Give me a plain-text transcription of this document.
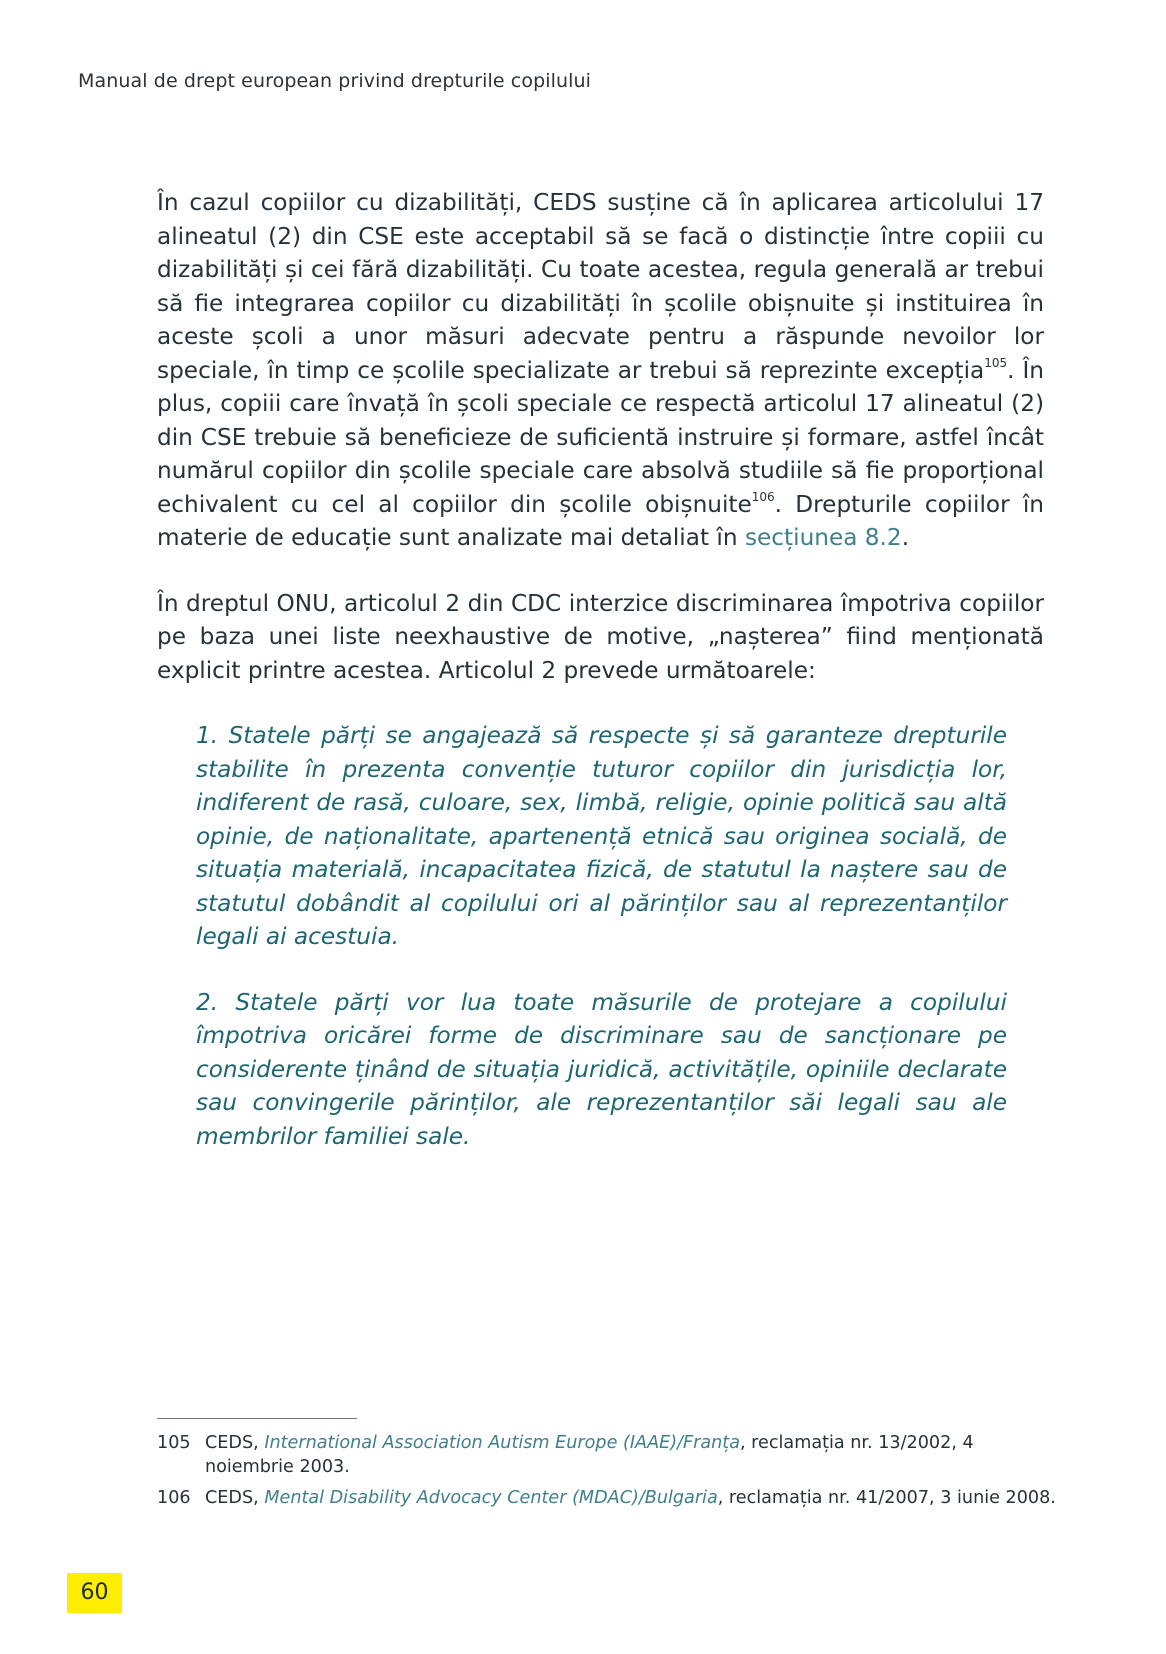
Manual de drept european privind drepturile copilului

În cazul copiilor cu dizabilități, CEDS susține că în aplicarea articolului 17 alineatul (2) din CSE este acceptabil să se facă o distincție între copiii cu dizabilități și cei fără dizabilități. Cu toate acestea, regula generală ar trebui să fie integrarea copiilor cu dizabilități în școlile obișnuite și instituirea în aceste școli a unor măsuri adecvate pentru a răspunde nevoilor lor speciale, în timp ce școlile specializate ar trebui să reprezinte excepția$^{105}$. În plus, copiii care învață în școli speciale ce respectă articolul 17 alineatul (2) din CSE trebuie să beneficieze de suficientă instruire și formare, astfel încât numărul copiilor din școlile speciale care absolvă studiile să fie proporțional echivalent cu cel al copiilor din școlile obișnuite$^{106}$. Drepturile copiilor în materie de educație sunt analizate mai detaliat în secțiunea 8.2.

În dreptul ONU, articolul 2 din CDC interzice discriminarea împotriva copiilor pe baza unei liste neexhaustive de motive, „nașterea” fiind menționată explicit printre acestea. Articolul 2 prevede următoarele:

1. Statele părți se angajează să respecte și să garanteze drepturile stabilite în prezenta convenție tuturor copiilor din jurisdicția lor, indiferent de rasă, culoare, sex, limbă, religie, opinie politică sau altă opinie, de naționalitate, apartenență etnică sau originea socială, de situația materială, incapacitatea fizică, de statutul la naștere sau de statutul dobândit al copilului ori al părinților sau al reprezentanților legali ai acestuia.

2. Statele părți vor lua toate măsurile de protejare a copilului împotriva oricărei forme de discriminare sau de sancționare pe considerente ținând de situația juridică, activitățile, opiniile declarate sau convingerile părinților, ale reprezentanților săi legali sau ale membrilor familiei sale.

105 CEDS, International Association Autism Europe (IAAE)/Franța, reclamația nr. 13/2002, 4 noiembrie 2003.
106 CEDS, Mental Disability Advocacy Center (MDAC)/Bulgaria, reclamația nr. 41/2007, 3 iunie 2008.
60
